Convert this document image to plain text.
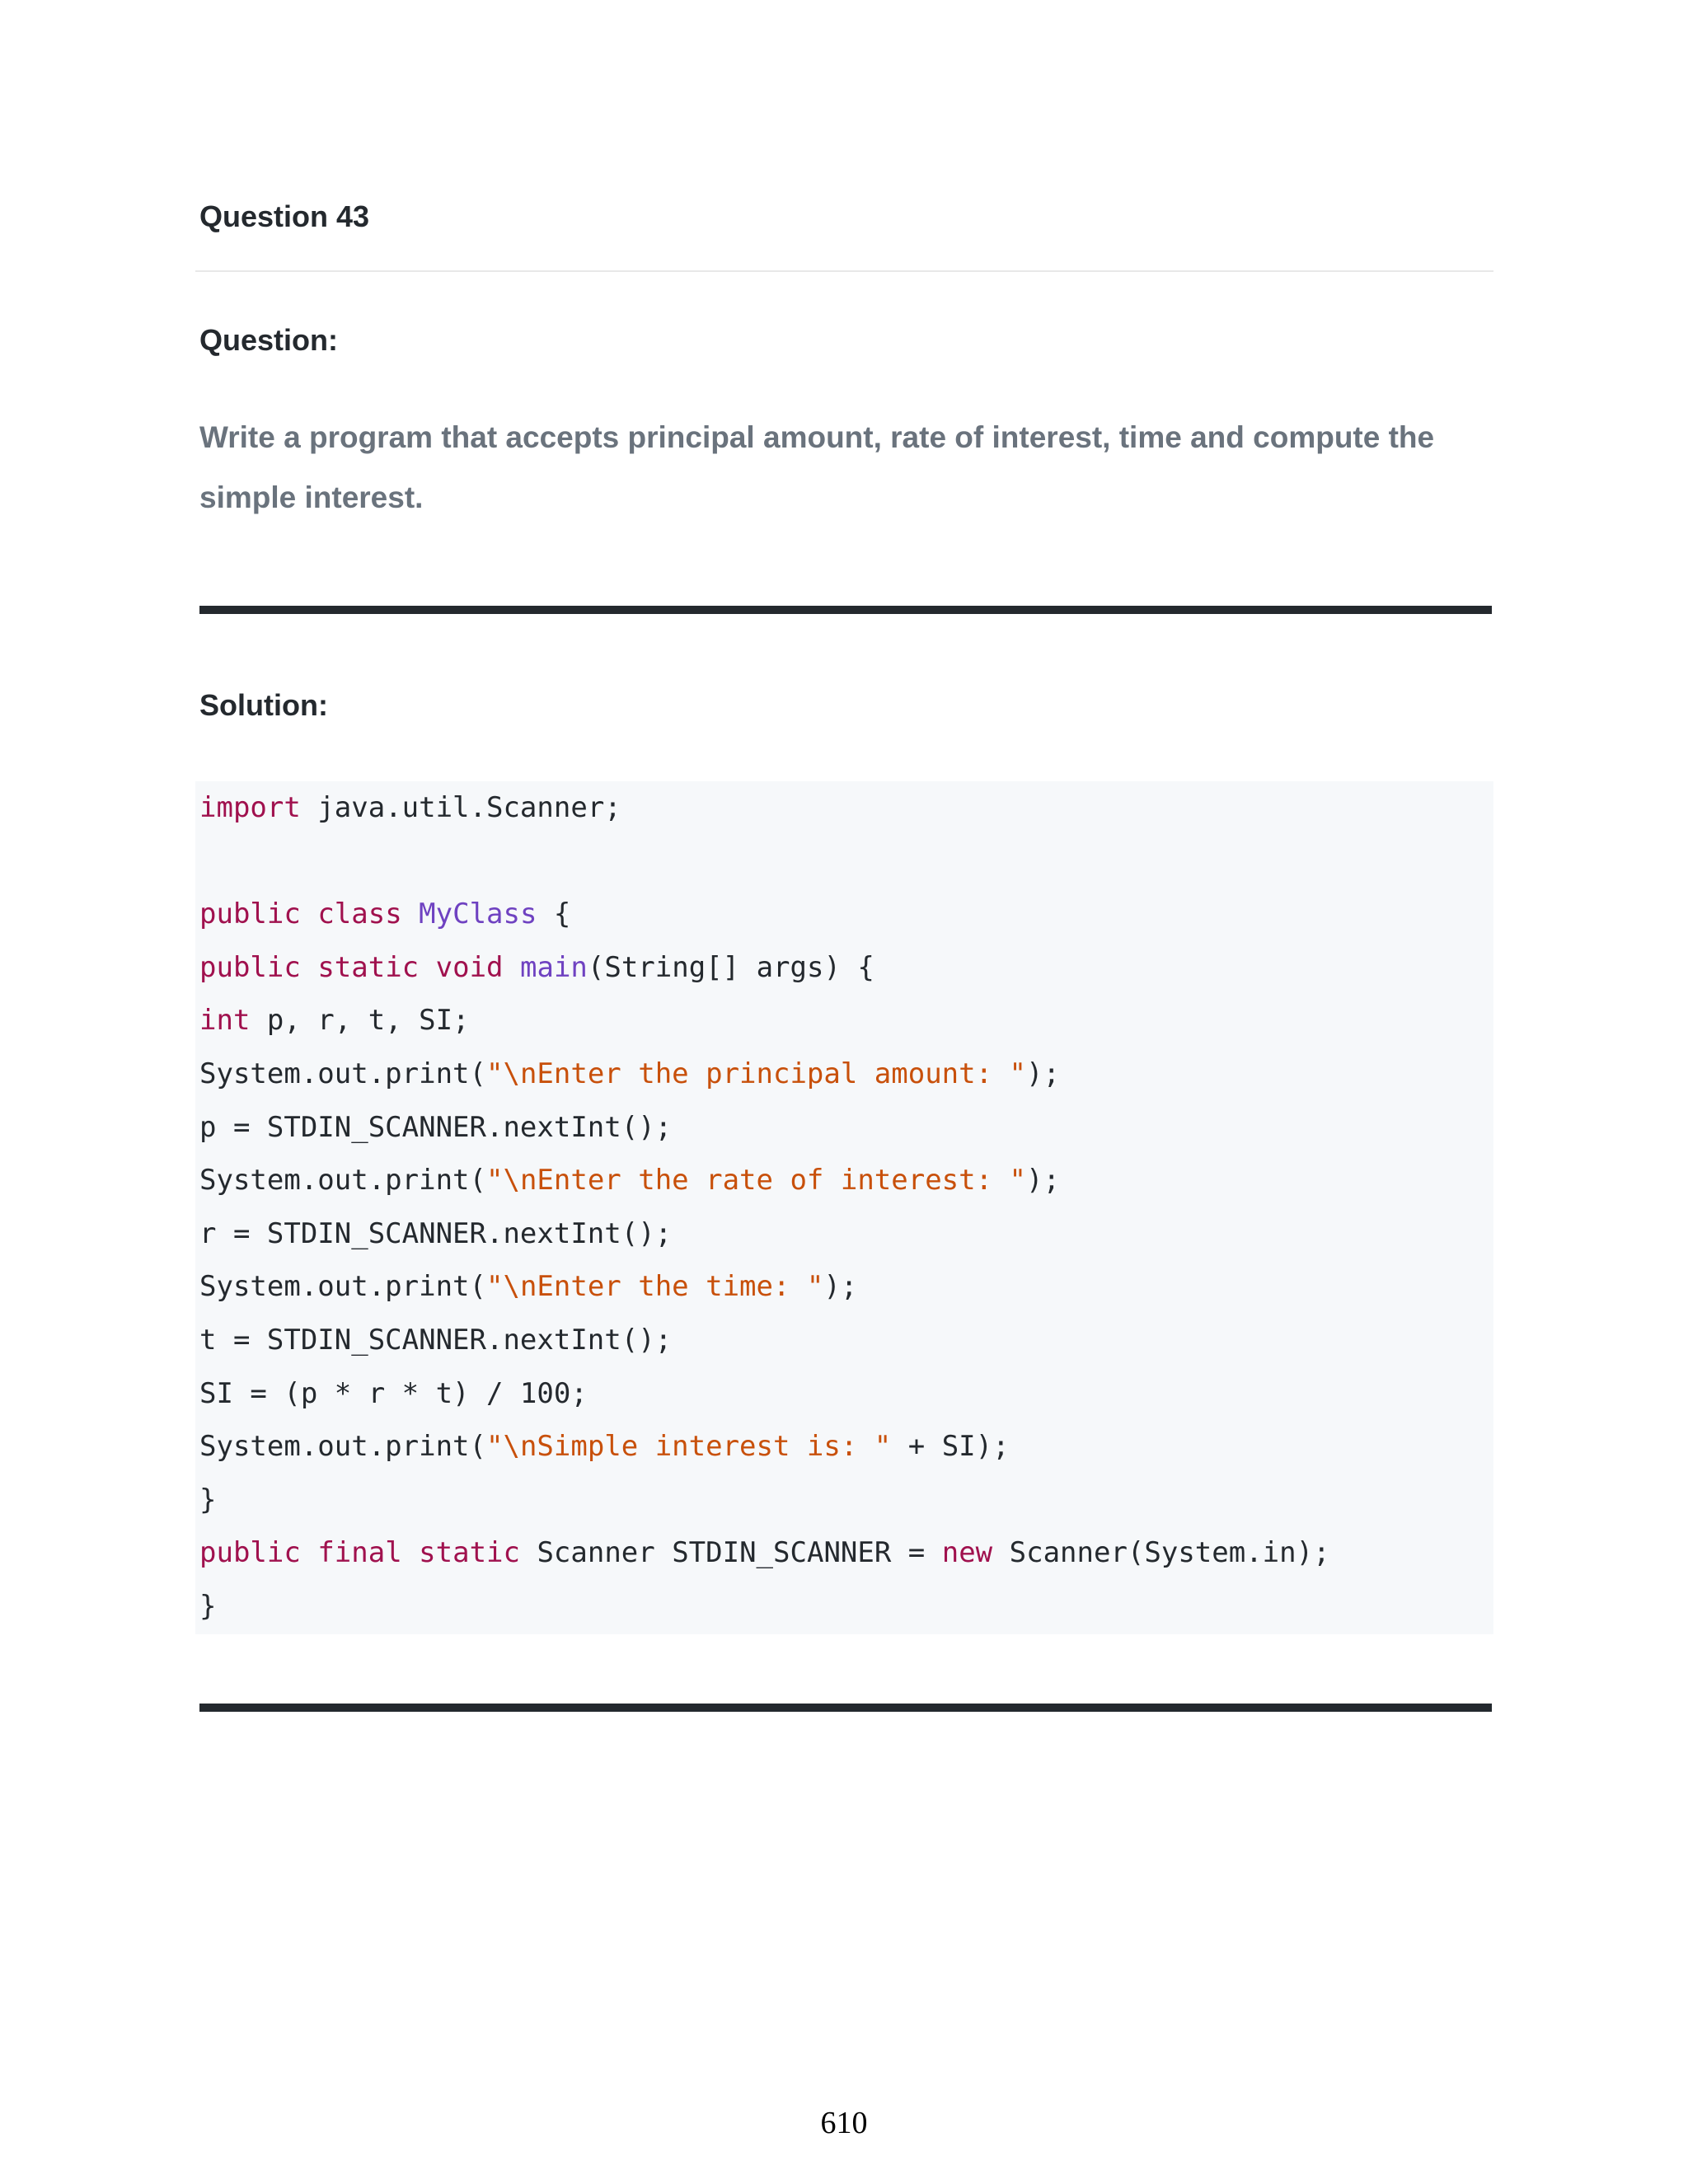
Question 43
Question:
Write a program that accepts principal amount, rate of interest, time and compute the simple interest.
Solution:
import java.util.Scanner;
public class MyClass {
public static void main(String[] args) {
int p, r, t, SI;
System.out.print("\nEnter the principal amount: ");
p = STDIN_SCANNER.nextInt();
System.out.print("\nEnter the rate of interest: ");
r = STDIN_SCANNER.nextInt();
System.out.print("\nEnter the time: ");
t = STDIN_SCANNER.nextInt();
SI = (p * r * t) / 100;
System.out.print("\nSimple interest is: " + SI);
}
public final static Scanner STDIN_SCANNER = new Scanner(System.in);
}
610
